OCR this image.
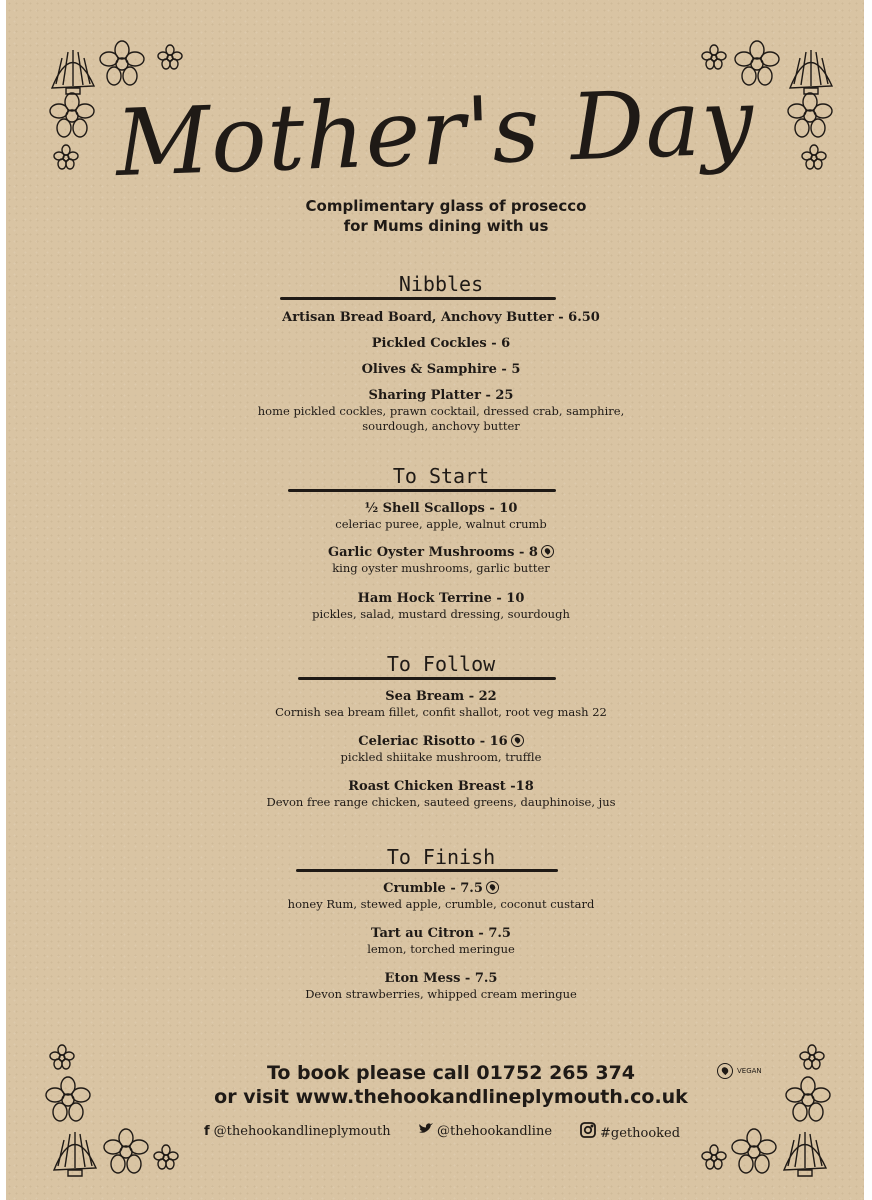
Mother's Day
Complimentary glass of prosecco
for Mums dining with us
Nibbles
Artisan Bread Board, Anchovy Butter - 6.50
Pickled Cockles - 6
Olives & Samphire - 5
Sharing Platter - 25
home pickled cockles, prawn cocktail, dressed crab, samphire,
sourdough, anchovy butter
To Start
½ Shell Scallops - 10
celeriac puree, apple, walnut crumb
Garlic Oyster Mushrooms - 8
king oyster mushrooms, garlic butter
Ham Hock Terrine - 10
pickles, salad, mustard dressing, sourdough
To Follow
Sea Bream - 22
Cornish sea bream fillet, confit shallot, root veg mash 22
Celeriac Risotto - 16
pickled shiitake mushroom, truffle
Roast Chicken Breast -18
Devon free range chicken, sauteed greens, dauphinoise, jus
To Finish
Crumble - 7.5
honey Rum, stewed apple, crumble, coconut custard
Tart au Citron - 7.5
lemon, torched meringue
Eton Mess - 7.5
Devon strawberries, whipped cream meringue
VEGAN
To book please call 01752 265 374
or visit www.thehookandlineplymouth.co.uk
f @thehookandlineplymouth	@thehookandline	#gethooked
